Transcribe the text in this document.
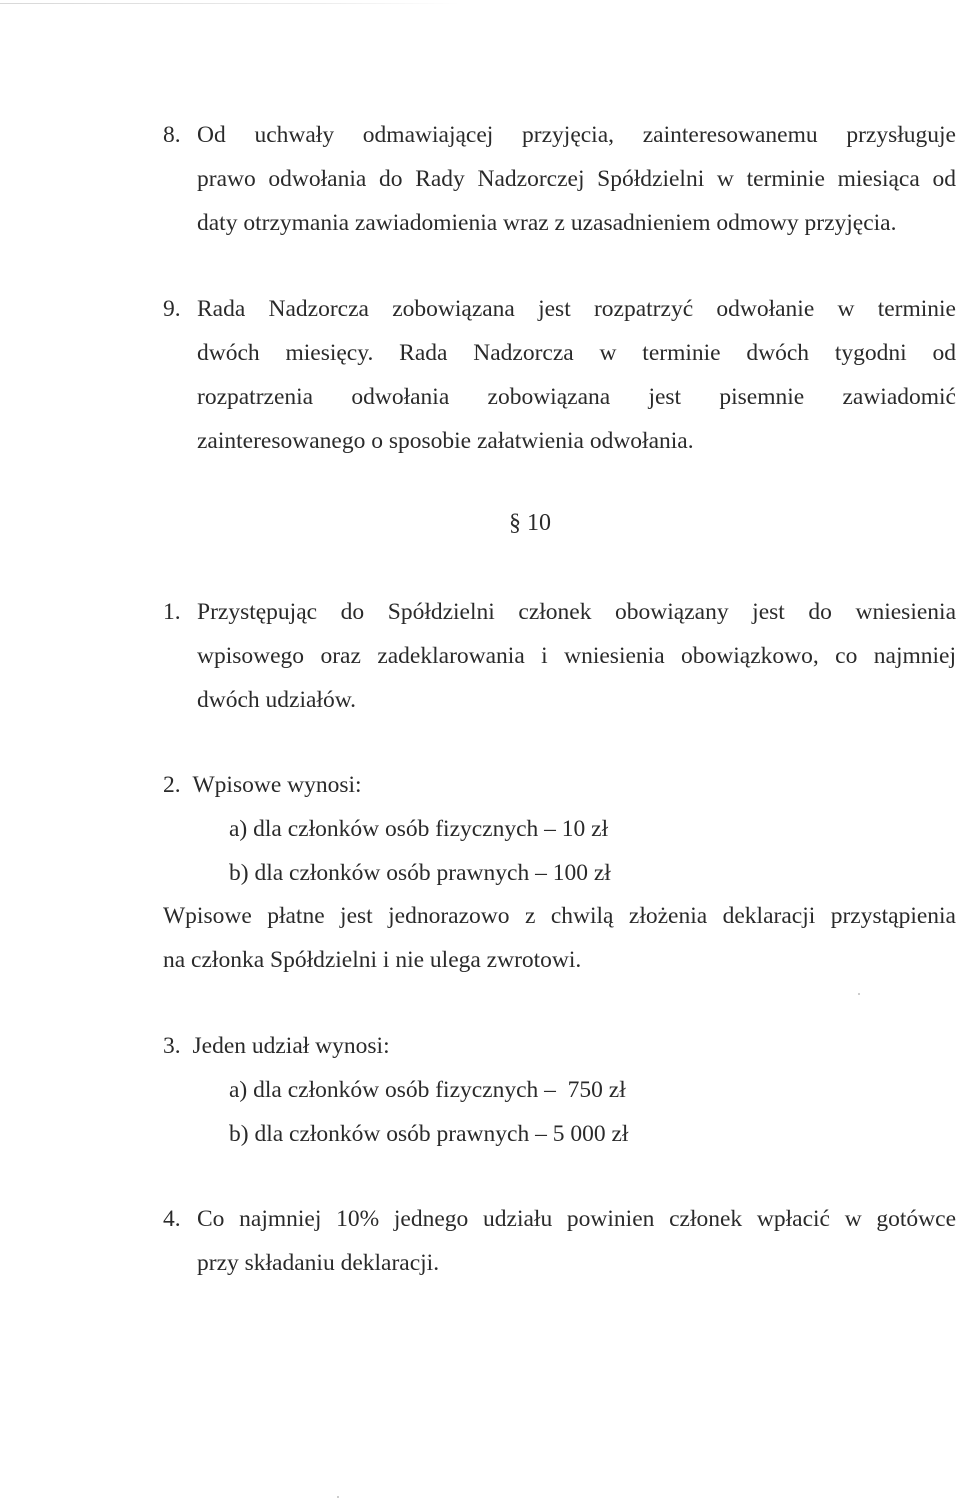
8. Od uchwały odmawiającej przyjęcia, zainteresowanemu przysługuje
prawo odwołania do Rady Nadzorczej Spółdzielni w terminie miesiąca od
daty otrzymania zawiadomienia wraz z uzasadnieniem odmowy przyjęcia.
9. Rada Nadzorcza zobowiązana jest rozpatrzyć odwołanie w terminie
dwóch miesięcy. Rada Nadzorcza w terminie dwóch tygodni od
rozpatrzenia odwołania zobowiązana jest pisemnie zawiadomić
zainteresowanego o sposobie załatwienia odwołania.
§ 10
1. Przystępując do Spółdzielni członek obowiązany jest do wniesienia
wpisowego oraz zadeklarowania i wniesienia obowiązkowo, co najmniej
dwóch udziałów.
2. Wpisowe wynosi:
a) dla członków osób fizycznych – 10 zł
b) dla członków osób prawnych – 100 zł
Wpisowe płatne jest jednorazowo z chwilą złożenia deklaracji przystąpienia
na członka Spółdzielni i nie ulega zwrotowi.
3. Jeden udział wynosi:
a) dla członków osób fizycznych –  750 zł
b) dla członków osób prawnych – 5 000 zł
4. Co najmniej 10% jednego udziału powinien członek wpłacić w gotówce
przy składaniu deklaracji.
